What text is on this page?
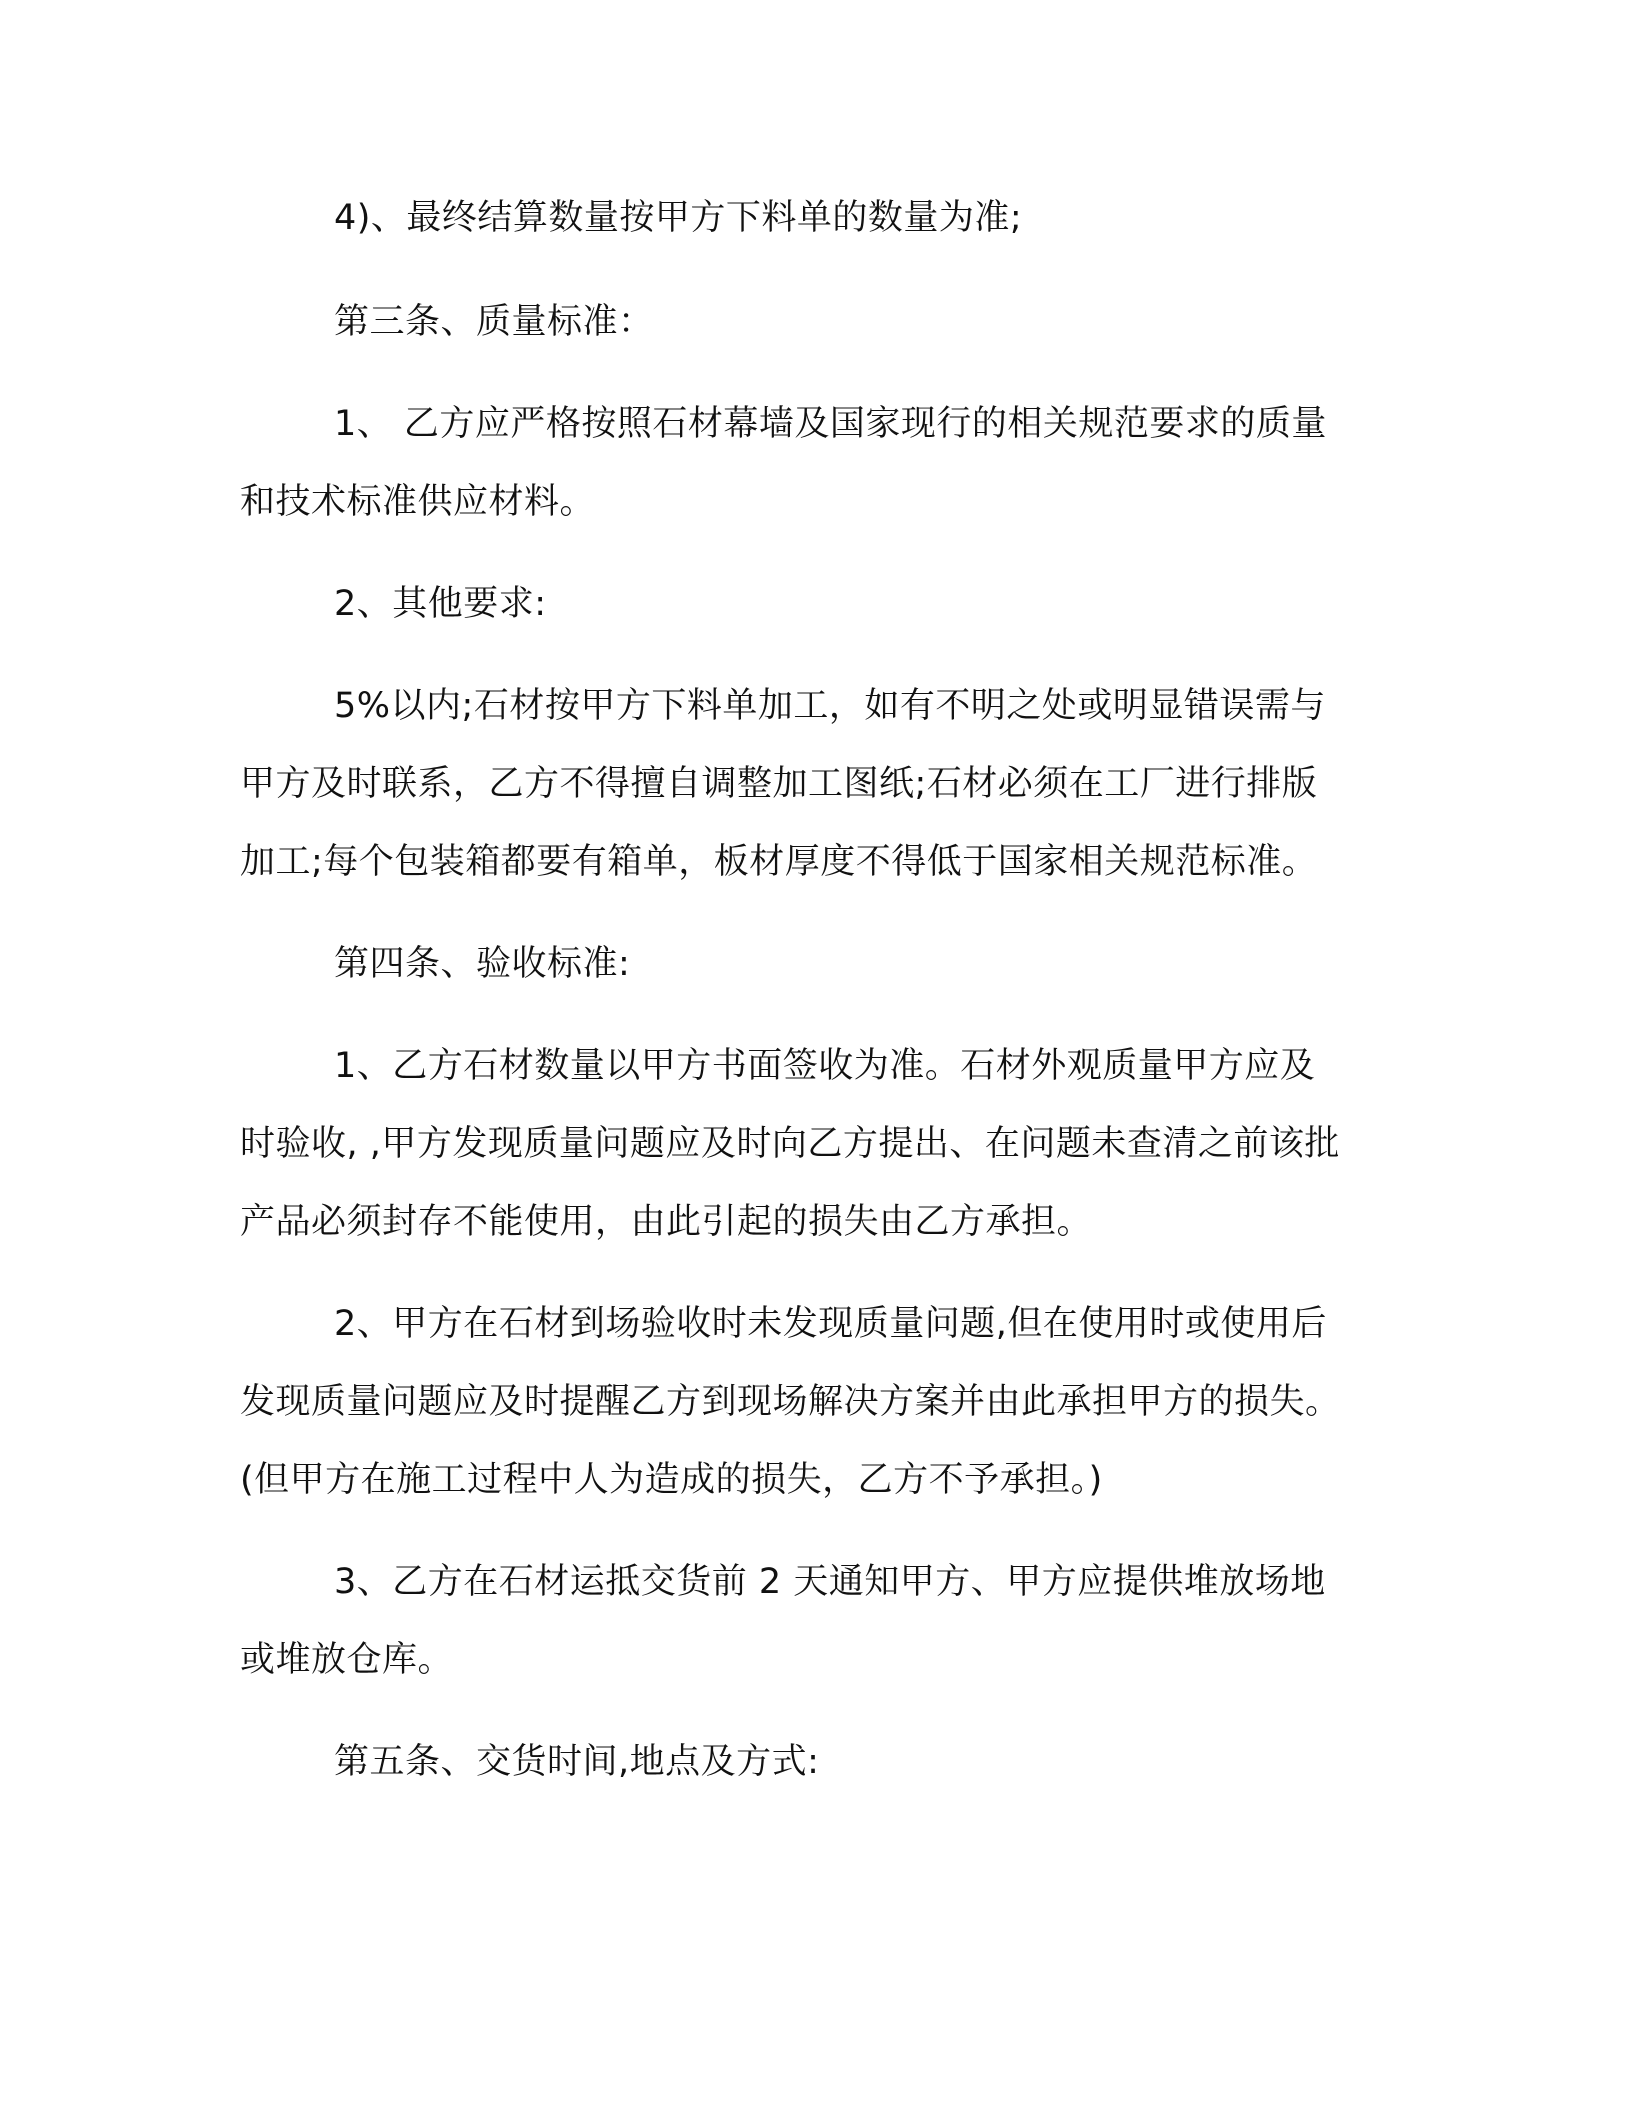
4)、最终结算数量按甲方下料单的数量为准;
第三条、质量标准：
1、 乙方应严格按照石材幕墙及国家现行的相关规范要求的质量
和技术标准供应材料。
2、其他要求:
5%以内;石材按甲方下料单加工，如有不明之处或明显错误需与
甲方及时联系，乙方不得擅自调整加工图纸;石材必须在工厂进行排版
加工;每个包装箱都要有箱单，板材厚度不得低于国家相关规范标准。
第四条、验收标准:
1、乙方石材数量以甲方书面签收为准。石材外观质量甲方应及
时验收, ,甲方发现质量问题应及时向乙方提出、在问题未查清之前该批
产品必须封存不能使用，由此引起的损失由乙方承担。
2、甲方在石材到场验收时未发现质量问题,但在使用时或使用后
发现质量问题应及时提醒乙方到现场解决方案并由此承担甲方的损失。
(但甲方在施工过程中人为造成的损失，乙方不予承担。)
3、乙方在石材运抵交货前 2 天通知甲方、甲方应提供堆放场地
或堆放仓库。
第五条、交货时间,地点及方式:
